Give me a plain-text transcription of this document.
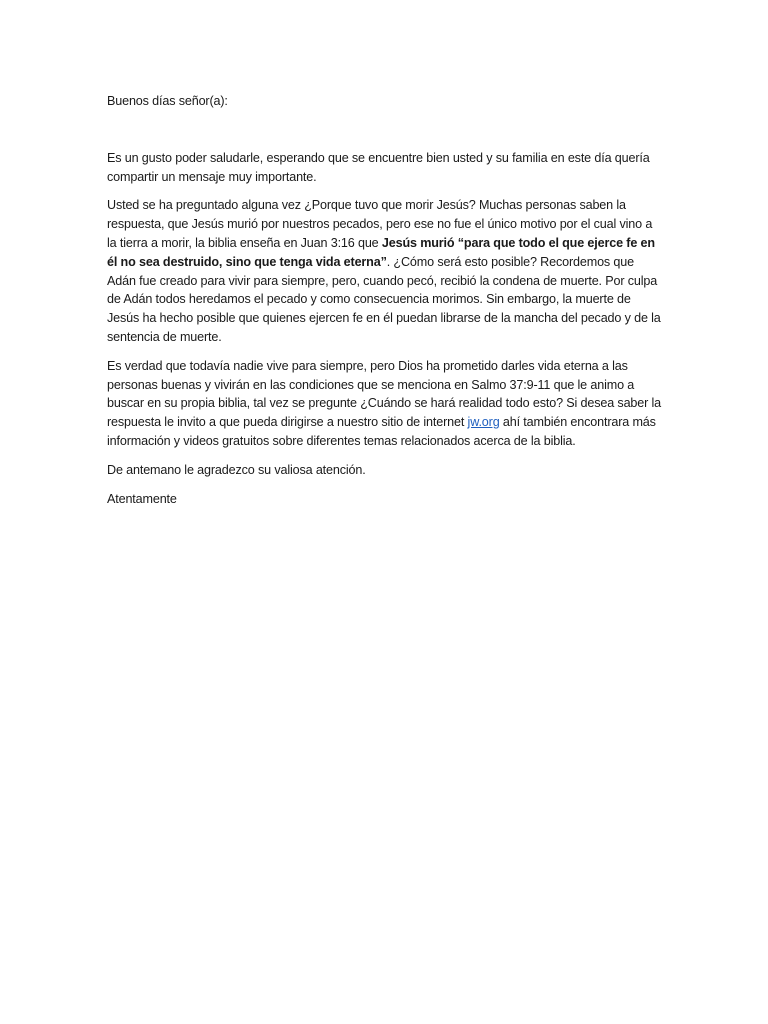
Buenos días señor(a):

Es un gusto poder saludarle, esperando que se encuentre bien usted y su familia en este día quería compartir un mensaje muy importante.

Usted se ha preguntado alguna vez ¿Porque tuvo que morir Jesús? Muchas personas saben la respuesta, que Jesús murió por nuestros pecados, pero ese no fue el único motivo por el cual vino a la tierra a morir, la biblia enseña en Juan 3:16 que Jesús murió “para que todo el que ejerce fe en él no sea destruido, sino que tenga vida eterna”. ¿Cómo será esto posible? Recordemos que Adán fue creado para vivir para siempre, pero, cuando pecó, recibió la condena de muerte. Por culpa de Adán todos heredamos el pecado y como consecuencia morimos. Sin embargo, la muerte de Jesús ha hecho posible que quienes ejercen fe en él puedan librarse de la mancha del pecado y de la sentencia de muerte.

Es verdad que todavía nadie vive para siempre, pero Dios ha prometido darles vida eterna a las personas buenas y vivirán en las condiciones que se menciona en Salmo 37:9-11 que le animo a buscar en su propia biblia, tal vez se pregunte ¿Cuándo se hará realidad todo esto? Si desea saber la respuesta le invito a que pueda dirigirse a nuestro sitio de internet jw.org ahí también encontrara más información y videos gratuitos sobre diferentes temas relacionados acerca de la biblia.

De antemano le agradezco su valiosa atención.

Atentamente
